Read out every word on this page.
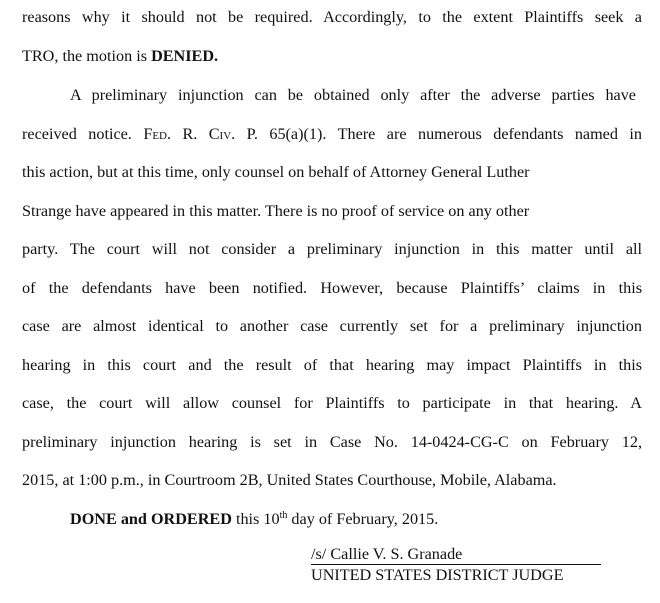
reasons why it should not be required. Accordingly, to the extent Plaintiffs seek a
TRO, the motion is DENIED.
A preliminary injunction can be obtained only after the adverse parties have
received notice. Fed. R. Civ. P. 65(a)(1). There are numerous defendants named in
this action, but at this time, only counsel on behalf of Attorney General Luther
Strange have appeared in this matter. There is no proof of service on any other
party. The court will not consider a preliminary injunction in this matter until all
of the defendants have been notified. However, because Plaintiffs’ claims in this
case are almost identical to another case currently set for a preliminary injunction
hearing in this court and the result of that hearing may impact Plaintiffs in this
case, the court will allow counsel for Plaintiffs to participate in that hearing. A
preliminary injunction hearing is set in Case No. 14-0424-CG-C on February 12,
2015, at 1:00 p.m., in Courtroom 2B, United States Courthouse, Mobile, Alabama.
DONE and ORDERED this 10th day of February, 2015.
/s/ Callie V. S. Granade
UNITED STATES DISTRICT JUDGE
